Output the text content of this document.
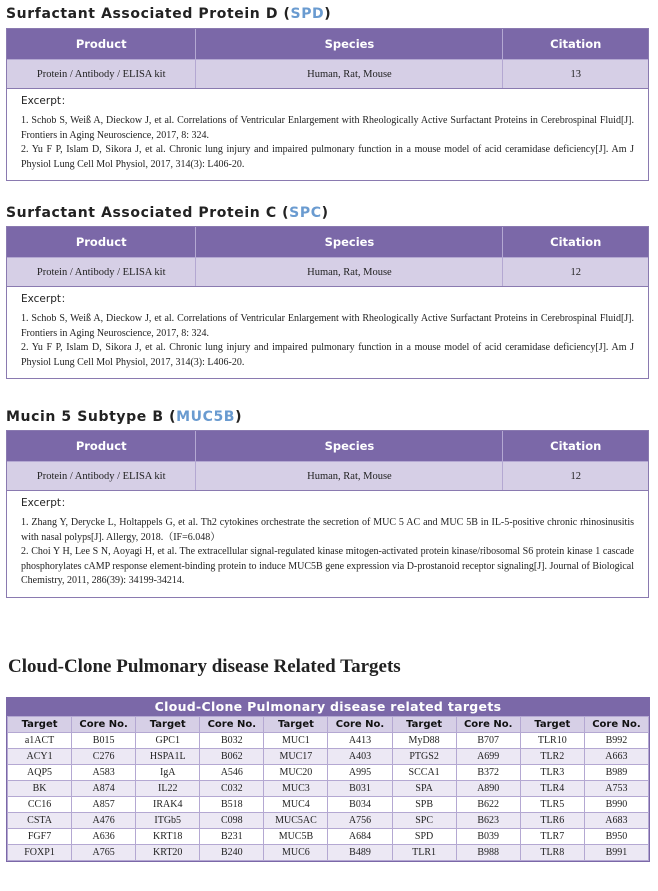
Surfactant Associated Protein D (SPD)
Product	Species	Citation
Protein / Antibody / ELISA kit	Human, Rat, Mouse	13
Excerpt：

1. Schob S, Weiß A, Dieckow J, et al. Correlations of Ventricular Enlargement with Rheologically Active Surfactant Proteins in Cerebrospinal Fluid[J]. Frontiers in Aging Neuroscience, 2017, 8: 324.

2. Yu F P, Islam D, Sikora J, et al. Chronic lung injury and impaired pulmonary function in a mouse model of acid ceramidase deficiency[J]. Am J Physiol Lung Cell Mol Physiol, 2017, 314(3): L406-20.

Surfactant Associated Protein C (SPC)
Product	Species	Citation
Protein / Antibody / ELISA kit	Human, Rat, Mouse	12
Excerpt：

1. Schob S, Weiß A, Dieckow J, et al. Correlations of Ventricular Enlargement with Rheologically Active Surfactant Proteins in Cerebrospinal Fluid[J]. Frontiers in Aging Neuroscience, 2017, 8: 324.

2. Yu F P, Islam D, Sikora J, et al. Chronic lung injury and impaired pulmonary function in a mouse model of acid ceramidase deficiency[J]. Am J Physiol Lung Cell Mol Physiol, 2017, 314(3): L406-20.

Mucin 5 Subtype B (MUC5B)
Product	Species	Citation
Protein / Antibody / ELISA kit	Human, Rat, Mouse	12
Excerpt：

1. Zhang Y, Derycke L, Holtappels G, et al. Th2 cytokines orchestrate the secretion of MUC 5 AC and MUC 5B in IL-5-positive chronic rhinosinusitis with nasal polyps[J]. Allergy, 2018.（IF=6.048）

2. Choi Y H, Lee S N, Aoyagi H, et al. The extracellular signal-regulated kinase mitogen-activated protein kinase/ribosomal S6 protein kinase 1 cascade phosphorylates cAMP response element-binding protein to induce MUC5B gene expression via D-prostanoid receptor signaling[J]. Journal of Biological Chemistry, 2011, 286(39): 34199-34214.

Cloud-Clone Pulmonary disease Related Targets
Cloud-Clone Pulmonary disease related targets
Target	Core No.	Target	Core No.	Target	Core No.	Target	Core No.	Target	Core No.
a1ACT	B015	GPC1	B032	MUC1	A413	MyD88	B707	TLR10	B992
ACY1	C276	HSPA1L	B062	MUC17	A403	PTGS2	A699	TLR2	A663
AQP5	A583	IgA	A546	MUC20	A995	SCCA1	B372	TLR3	B989
BK	A874	IL22	C032	MUC3	B031	SPA	A890	TLR4	A753
CC16	A857	IRAK4	B518	MUC4	B034	SPB	B622	TLR5	B990
CSTA	A476	ITGb5	C098	MUC5AC	A756	SPC	B623	TLR6	A683
FGF7	A636	KRT18	B231	MUC5B	A684	SPD	B039	TLR7	B950
FOXP1	A765	KRT20	B240	MUC6	B489	TLR1	B988	TLR8	B991
